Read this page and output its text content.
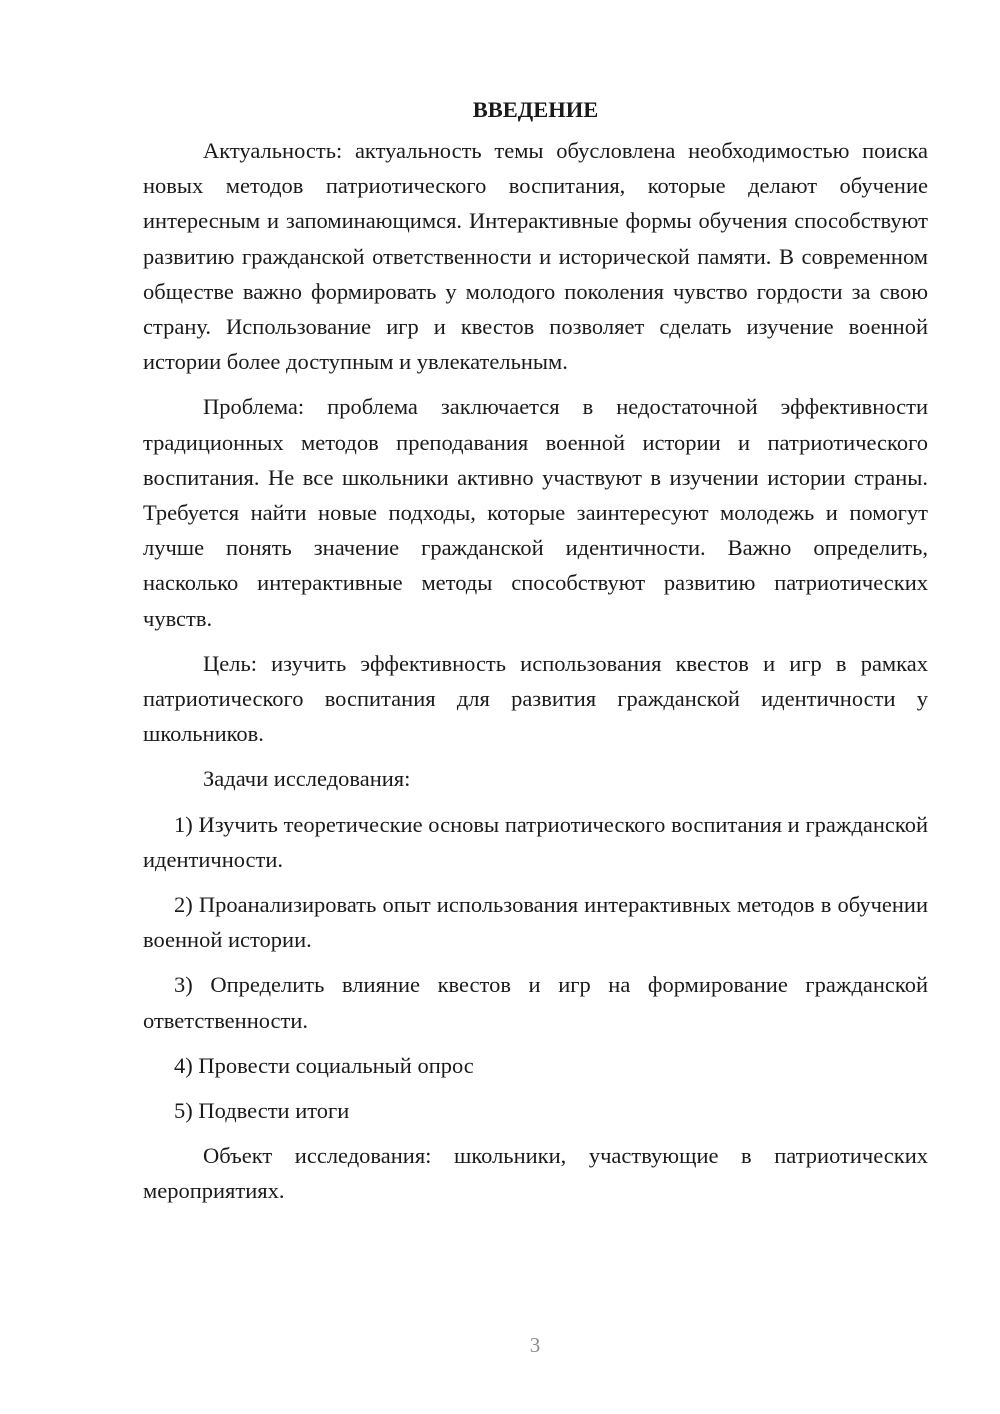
ВВЕДЕНИЕ

Актуальность: актуальность темы обусловлена необходимостью поиска новых методов патриотического воспитания, которые делают обучение интересным и запоминающимся. Интерактивные формы обучения способствуют развитию гражданской ответственности и исторической памяти. В современном обществе важно формировать у молодого поколения чувство гордости за свою страну. Использование игр и квестов позволяет сделать изучение военной истории более доступным и увлекательным.

Проблема: проблема заключается в недостаточной эффективности традиционных методов преподавания военной истории и патриотического воспитания. Не все школьники активно участвуют в изучении истории страны. Требуется найти новые подходы, которые заинтересуют молодежь и помогут лучше понять значение гражданской идентичности. Важно определить, насколько интерактивные методы способствуют развитию патриотических чувств.

Цель: изучить эффективность использования квестов и игр в рамках патриотического воспитания для развития гражданской идентичности у школьников.

Задачи исследования:

1) Изучить теоретические основы патриотического воспитания и гражданской идентичности.

2) Проанализировать опыт использования интерактивных методов в обучении военной истории.

3) Определить влияние квестов и игр на формирование гражданской ответственности.

4) Провести социальный опрос

5) Подвести итоги

Объект исследования: школьники, участвующие в патриотических мероприятиях.

3
